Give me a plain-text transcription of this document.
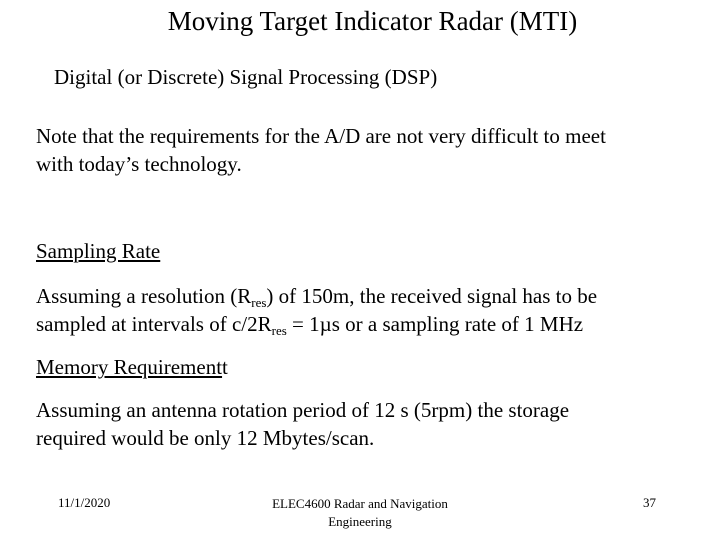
Moving Target Indicator Radar (MTI)
Digital (or Discrete) Signal Processing (DSP)
Note that the requirements for the A/D are not very difficult to meet
with today’s technology.
Sampling Rate
Assuming a resolution $(R_{res})$ of 150m, the received signal has to be
sampled at intervals of $c/2R_{res} = 1\mu s$ or a sampling rate of 1 MHz
Memory Requirementt
Assuming an antenna rotation period of 12 s (5rpm) the storage
required would be only 12 Mbytes/scan.
11/1/2020	ELEC4600 Radar and Navigation
Engineering
37
